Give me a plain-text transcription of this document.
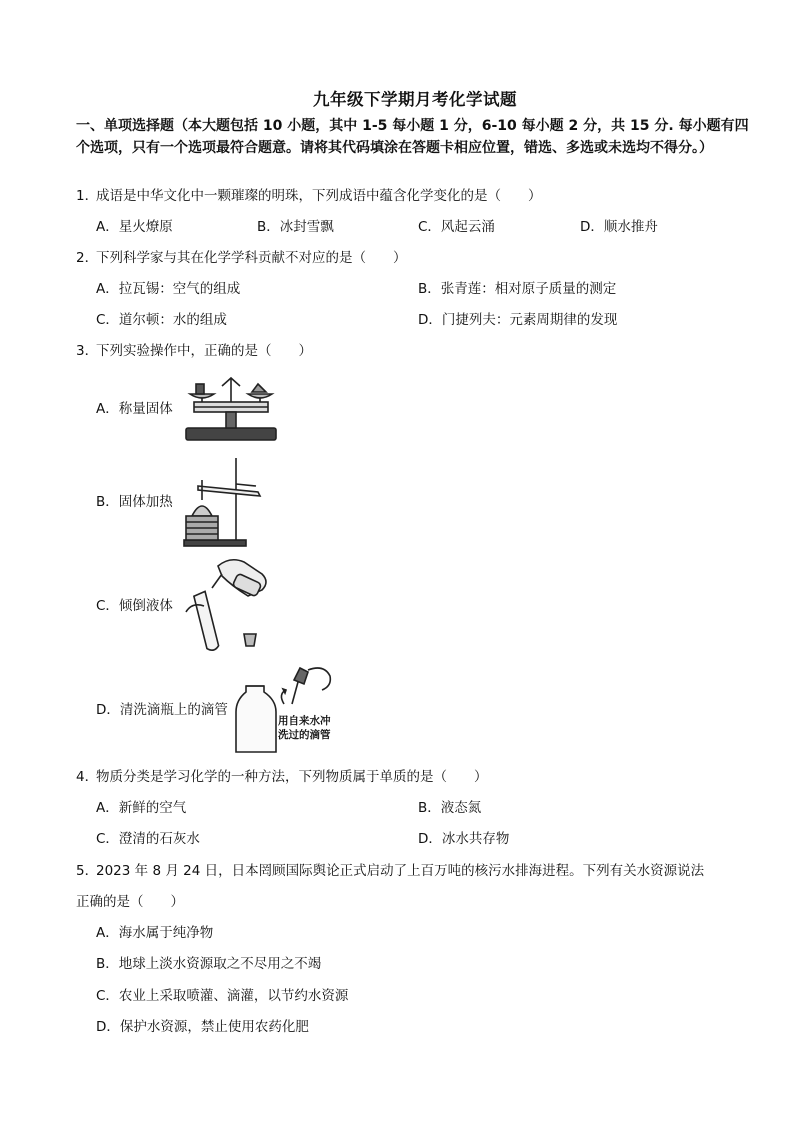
九年级下学期月考化学试题
一、单项选择题（本大题包括 10 小题，其中 1-5 每小题 1 分，6-10 每小题 2 分，共 15 分. 每小题有四个选项，只有一个选项最符合题意。请将其代码填涂在答题卡相应位置，错选、多选或未选均不得分。）
1．成语是中华文化中一颗璀璨的明珠，下列成语中蕴含化学变化的是（　　）
A．星火燎原	B．冰封雪飘	C．风起云涌	D．顺水推舟
2．下列科学家与其在化学学科贡献不对应的是（　　）
A．拉瓦锡：空气的组成	B．张青莲：相对原子质量的测定
C．道尔顿：水的组成	D．门捷列夫：元素周期律的发现
3．下列实验操作中，正确的是（　　）
A．称量固体
B．固体加热
C．倾倒液体
D．清洗滴瓶上的滴管
用自来水冲
洗过的滴管
4．物质分类是学习化学的一种方法，下列物质属于单质的是（　　）
A．新鲜的空气	B．液态氮
C．澄清的石灰水	D．冰水共存物
5．2023 年 8 月 24 日，日本罔顾国际舆论正式启动了上百万吨的核污水排海进程。下列有关水资源说法
正确的是（　　）
A．海水属于纯净物
B．地球上淡水资源取之不尽用之不竭
C．农业上采取喷灌、滴灌，以节约水资源
D．保护水资源，禁止使用农药化肥
